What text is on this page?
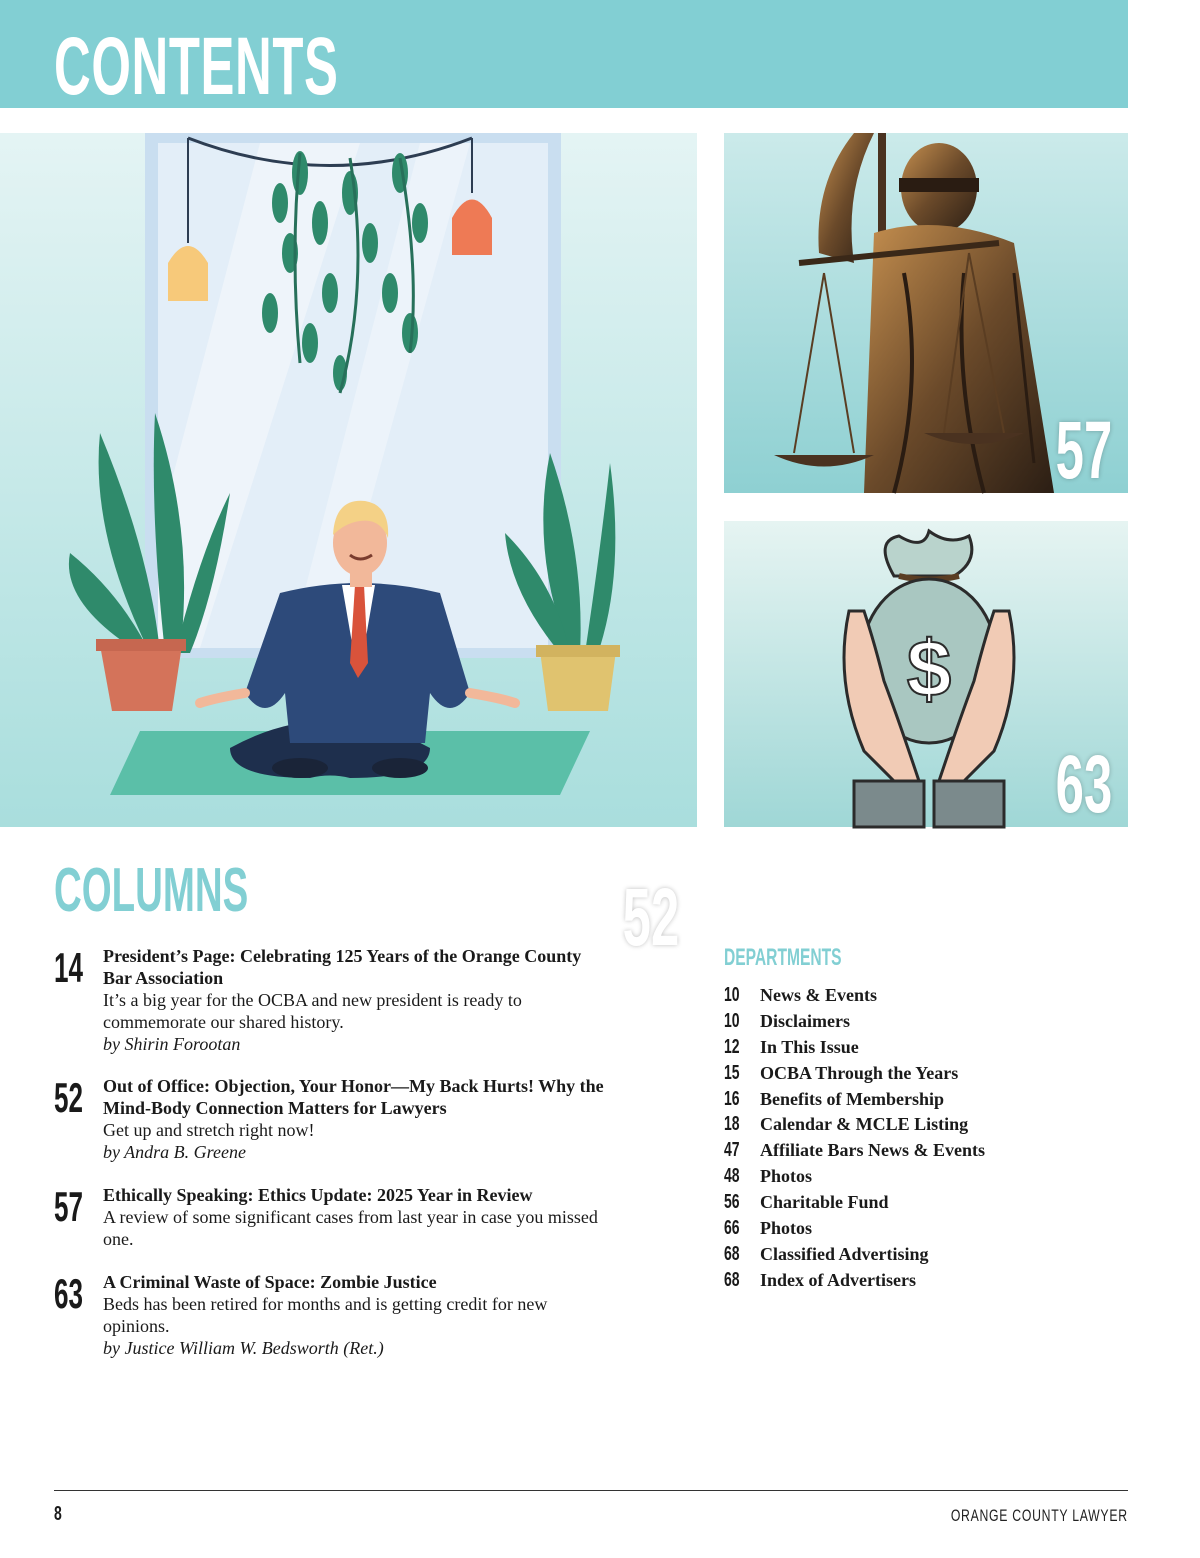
CONTENTS
52
57
$
63
COLUMNS
14 President’s Page: Celebrating 125 Years of the Orange County Bar Association
It’s a big year for the OCBA and new president is ready to commemorate our shared history.
by Shirin Forootan
52 Out of Office: Objection, Your Honor—My Back Hurts! Why the Mind-Body Connection Matters for Lawyers
Get up and stretch right now!
by Andra B. Greene
57 Ethically Speaking: Ethics Update: 2025 Year in Review
A review of some significant cases from last year in case you missed one.
63 A Criminal Waste of Space: Zombie Justice
Beds has been retired for months and is getting credit for new opinions.
by Justice William W. Bedsworth (Ret.)
DEPARTMENTS
10 News & Events
10 Disclaimers
12 In This Issue
15 OCBA Through the Years
16 Benefits of Membership
18 Calendar & MCLE Listing
47 Affiliate Bars News & Events
48 Photos
56 Charitable Fund
66 Photos
68 Classified Advertising
68 Index of Advertisers
8	ORANGE COUNTY LAWYER
